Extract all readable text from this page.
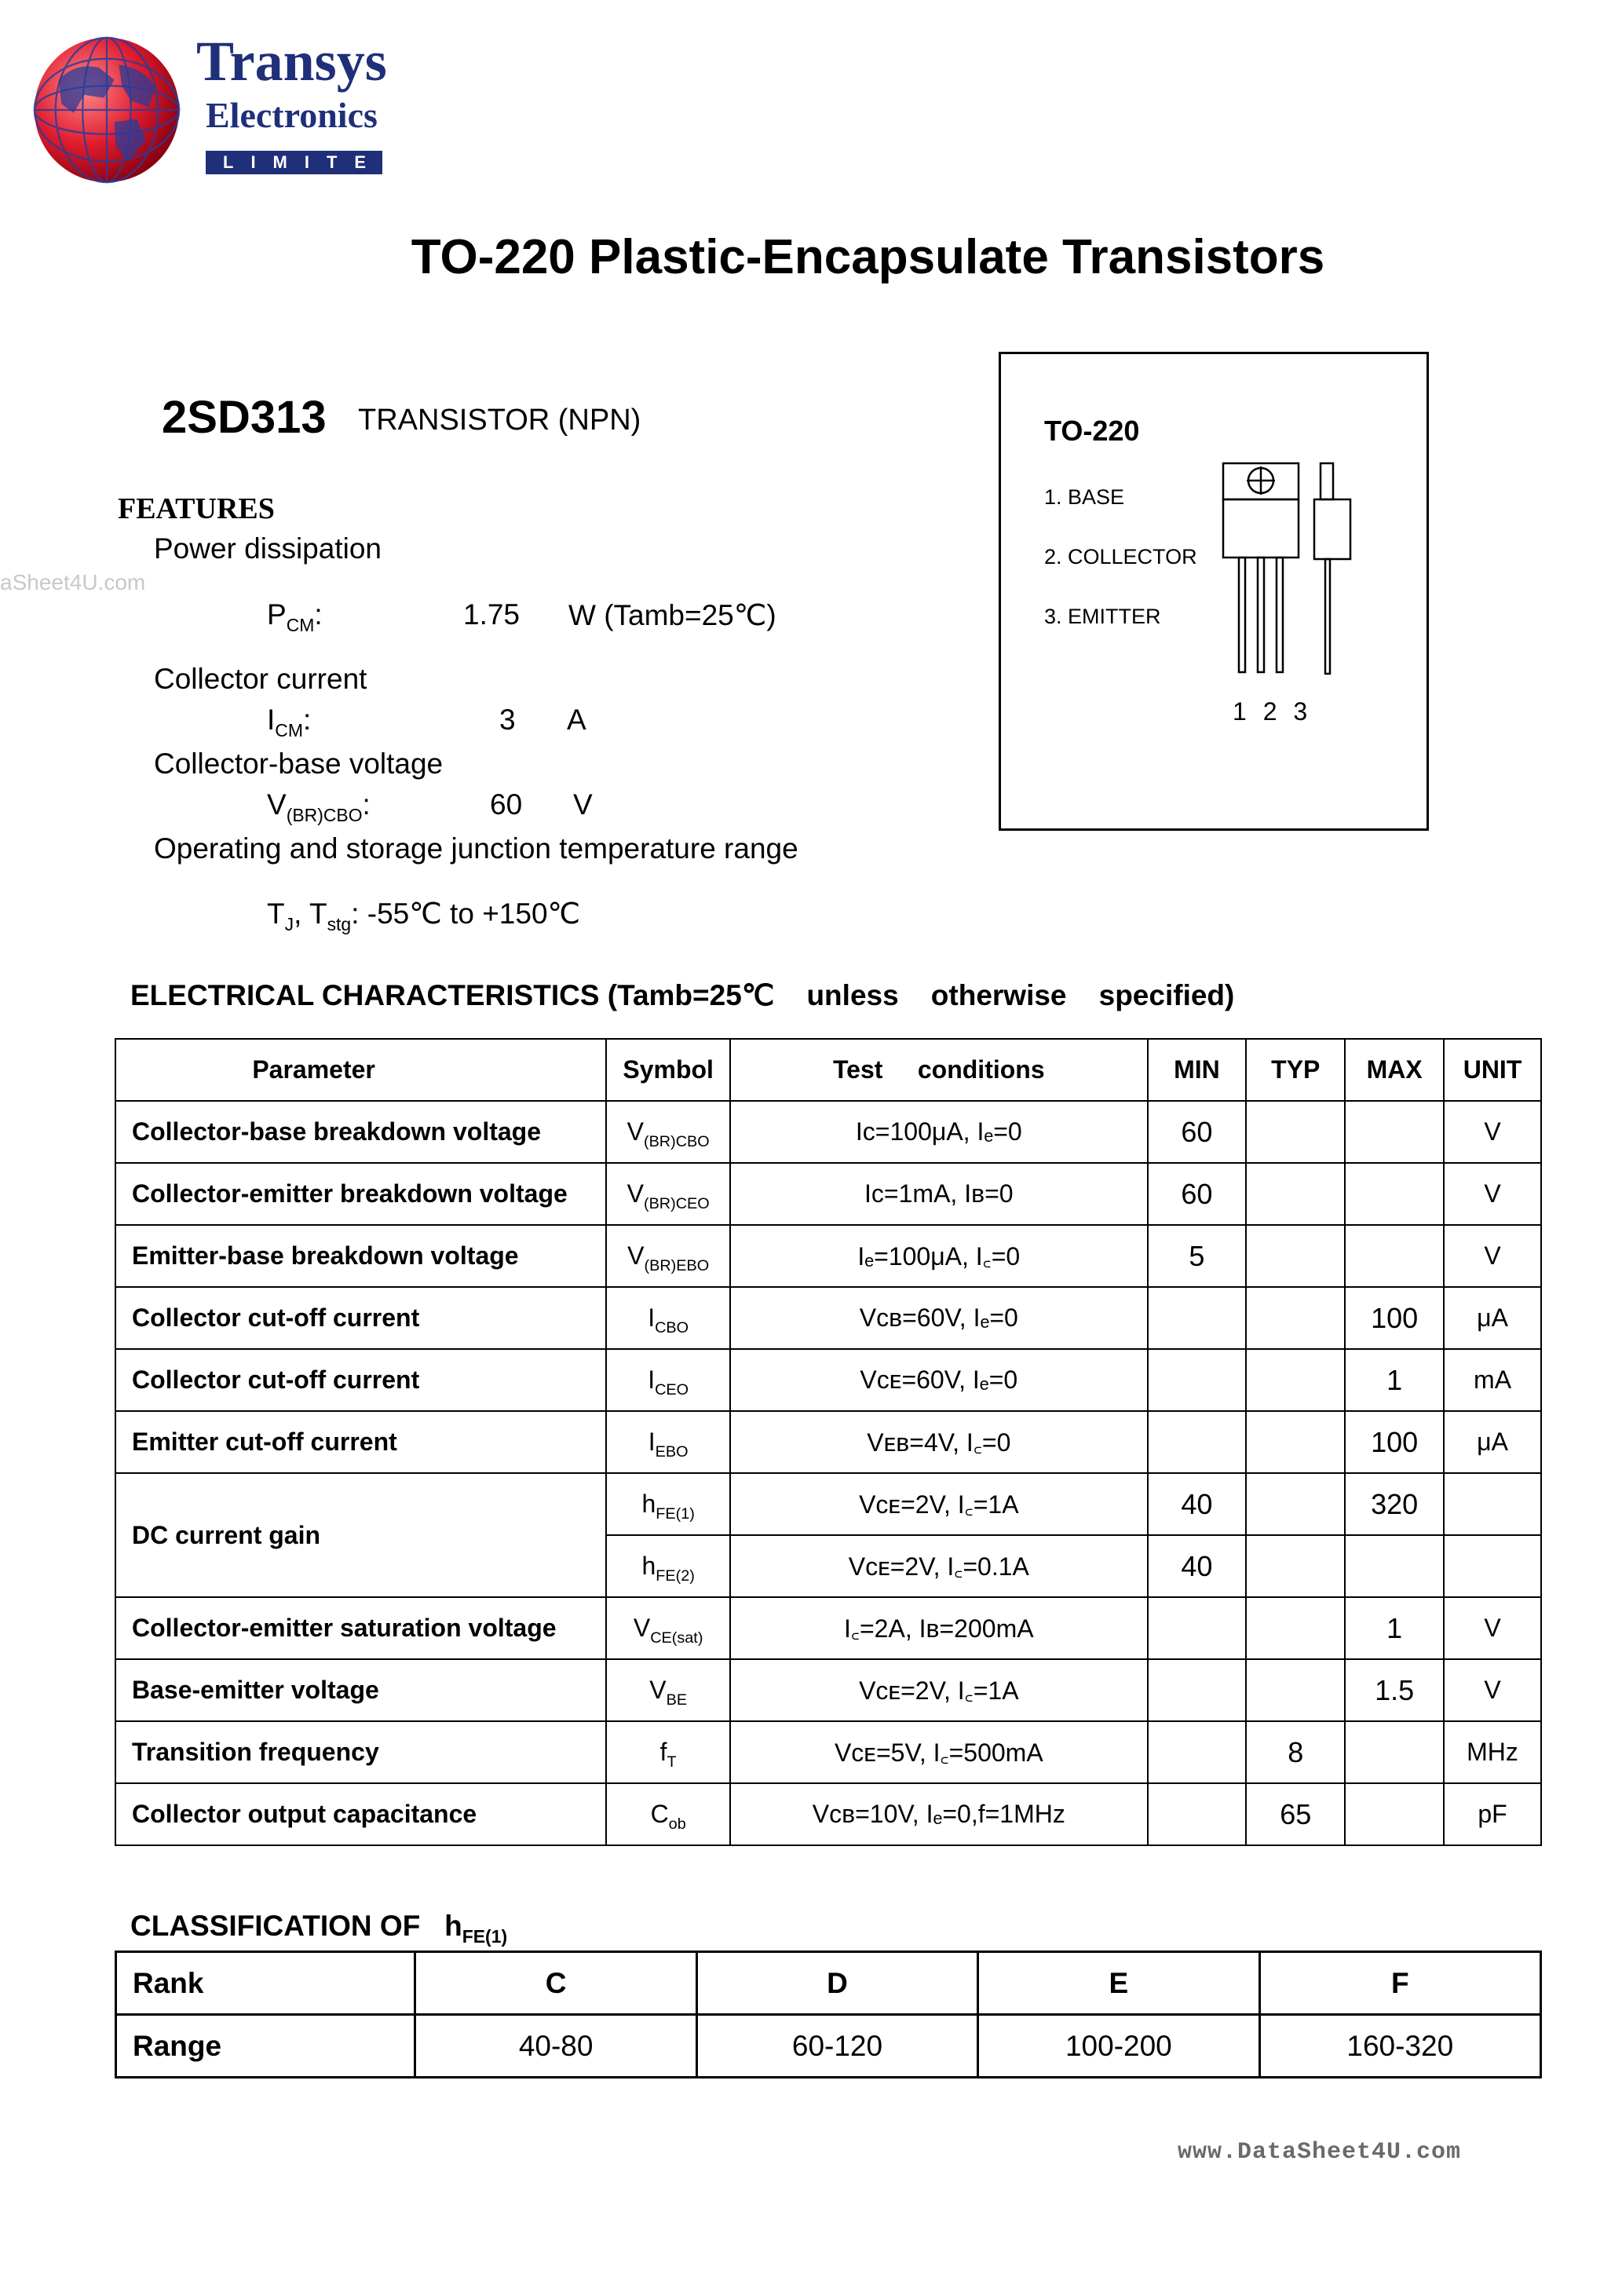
Transys
Electronics
LIMITED
TO-220 Plastic-Encapsulate Transistors
2SD313 TRANSISTOR (NPN)
FEATURES
aSheet4U.com
Power dissipation
$P_{CM}$:	1.75 W (Tamb=25℃)
Collector current
$I_{CM}$:	3 A
Collector-base voltage
$V_{(BR)CBO}$:	60 V
Operating and storage junction temperature range
$T_J$, $T_{stg}$: -55℃ to +150℃
TO-220
1. BASE
2. COLLECTOR
3. EMITTER
1 2 3
ELECTRICAL CHARACTERISTICS (Tamb=25℃    unless    otherwise    specified)
Parameter	Symbol	Test     conditions	MIN	TYP	MAX	UNIT
Collector-base breakdown voltage	$V_{(BR)CBO}$	Ic=100μA, Iₑ=0	60			V
Collector-emitter breakdown voltage	$V_{(BR)CEO}$	Ic=1mA, Iʙ=0	60			V
Emitter-base breakdown voltage	$V_{(BR)EBO}$	Iₑ=100μA, I꜀=0	5			V
Collector cut-off current	$I_{CBO}$	Vᴄʙ=60V, Iₑ=0			100	μA
Collector cut-off current	$I_{CEO}$	Vᴄᴇ=60V, Iₑ=0			1	mA
Emitter cut-off current	$I_{EBO}$	Vᴇʙ=4V, I꜀=0			100	μA
DC current gain	$h_{FE(1)}$	Vᴄᴇ=2V, I꜀=1A	40		320	
	$h_{FE(2)}$	Vᴄᴇ=2V, I꜀=0.1A	40			
Collector-emitter saturation voltage	$V_{CE(sat)}$	I꜀=2A, Iʙ=200mA			1	V
Base-emitter voltage	$V_{BE}$	Vᴄᴇ=2V, I꜀=1A			1.5	V
Transition frequency	$f_T$	Vᴄᴇ=5V, I꜀=500mA		8		MHz
Collector output capacitance	$C_{ob}$	Vᴄʙ=10V, Iₑ=0,f=1MHz		65		pF
CLASSIFICATION OF $h_{FE(1)}$
Rank	C	D	E	F
Range	40-80	60-120	100-200	160-320
www.DataSheet4U.com
